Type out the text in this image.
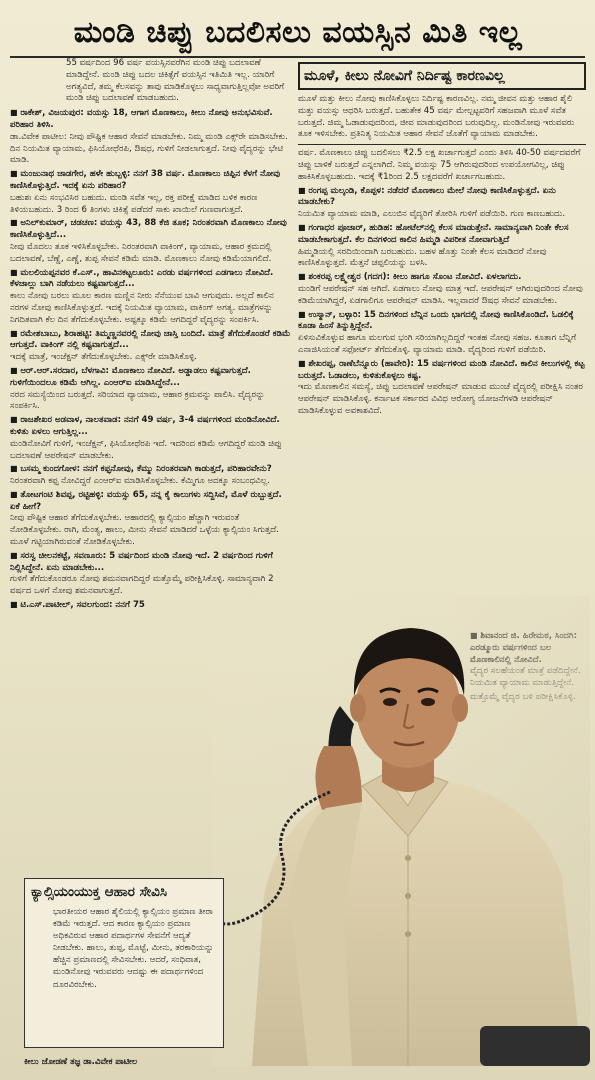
ಮಂಡಿ ಚಿಪ್ಪು ಬದಲಿಸಲು ವಯಸ್ಸಿನ ಮಿತಿ ಇಲ್ಲ

55 ವರ್ಷದಿಂದ 96 ವರ್ಷ ವಯಸ್ಸಿನವರೆಗಿನ ಮಂಡಿ ಚಿಪ್ಪು ಬದಲಾವಣೆ ಮಾಡಿದ್ದೇನೆ. ಮಂಡಿ ಚಿಪ್ಪು ಬದಲ ಚಿಕಿತ್ಸೆಗೆ ವಯಸ್ಸಿನ ಇತಿಮಿತಿ ಇಲ್ಲ. ಯಾರಿಗೆ ಅಗತ್ಯವಿದೆ, ತಮ್ಮ ಕೆಲಸವನ್ನು ತಾವು ಮಾಡಿಕೊಳ್ಳಲು ಸಾಧ್ಯವಾಗುತ್ತಿಲ್ಲವೋ ಅವರಿಗೆ ಮಂಡಿ ಚಿಪ್ಪು ಬದಲಾವಣೆ ಮಾಡಬಹುದು.

■ ರಾಕೇಶ್, ವಿಜಯಪುರ: ವಯಸ್ಸು 18, ಆಗಾಗ ಮೊಣಕಾಲು, ಕೀಲು ನೋವು ಅನುಭವಿಸುವೆ. ಪರಿಹಾರ ತಿಳಿಸಿ.
ಡಾ.ವಿವೇಕ ಪಾಟೀಲ: ನೀವು ಪೌಷ್ಟಿಕ ಆಹಾರ ಸೇವನೆ ಮಾಡಬೇಕು. ನಿಮ್ಮ ಮಂಡಿ ಎಕ್ಸ್‌ರೇ ಮಾಡಿಸಬೇಕು. ದಿನ ನಿಯಮಿತ ವ್ಯಾಯಾಮ, ಫಿಸಿಯೋಥೆರಪಿ, ಔಷಧ, ಗುಳಿಗೆ ನೀಡಲಾಗುತ್ತದೆ. ನೀವು ವೈದ್ಯರನ್ನು ಭೇಟಿ ಮಾಡಿ.
■ ಮಂಜುನಾಥ ಜಾಡಗೇರ, ಹಳೇ ಹುಬ್ಬಳ್ಳಿ: ನನಗೆ 38 ವರ್ಷ. ಮೊಣಕಾಲು ಚಿಪ್ಪಿನ ಕೆಳಗೆ ನೋವು ಕಾಣಿಸಿಕೊಳ್ಳುತ್ತಿದೆ. ಇದಕ್ಕೆ ಏನು ಪರಿಹಾರ?
ಬಹುಶಃ ಏನು ಸಂಭವಿಸಿರ ಬಹುದು. ಮಂಡಿ ಸವೆತ ಇಲ್ಲ, ರಕ್ತ ಪರೀಕ್ಷೆ ಮಾಡಿದ ಬಳಿಕ ಕಾರಣ ತಿಳಿಯಬಹುದು. 3 ರಿಂದ 6 ತಿಂಗಳು ಚಿಕಿತ್ಸೆ ಪಡೆದರೆ ಸಾಕು ಖಾಯಿಲೆ ಗುಣವಾಗುತ್ತದೆ.
■ ಅನಿಲ್‌ಕುಮಾರ್, ಚಡಚಣ: ವಯಸ್ಸು 43, 88 ಕೆಜಿ ತೂಕ; ನಿರಂತರವಾಗಿ ಮೊಣಕಾಲು ನೋವು ಕಾಣಿಸಿಕೊಳ್ಳುತ್ತಿದೆ...
ನೀವು ಮೊದಲು ತೂಕ ಇಳಿಸಿಕೊಳ್ಳಬೇಕು. ನಿರಂತರವಾಗಿ ವಾಕಿಂಗ್, ವ್ಯಾಯಾಮ, ಆಹಾರ ಕ್ರಮದಲ್ಲಿ ಬದಲಾವಣೆ, ಬೆಣ್ಣೆ, ಎಣ್ಣೆ, ತುಪ್ಪ ಸೇವನೆ ಕಡಿಮೆ ಮಾಡಿ. ಮೊಣಕಾಲು ನೋವು ಕಡಿಮೆಯಾಗಲಿದೆ.
■ ಮಲಲಿಯಪ್ಪನವರ ಕೆ.ಎಸ್., ಹಾವಿನಕಟ್ಟಲೂರು: ಎರಡು ವರ್ಷಗಳಿಂದ ಎಡಗಾಲು ನೋವಿದೆ. ಕೆಳಜಾಲ್ಲು ಬಾಗಿ ನಡೆಯಲು ಕಷ್ಟವಾಗುತ್ತದೆ...
ಕಾಲು ನೋವು ಬರಲು ಮೂಲ ಕಾರಣ ಮಣ್ಣಿನ ನೀರು ನೆನೆಯುವ ಬಾವಿ ಆಗುವುದು. ಅಲ್ಲದೆ ಕಾಲಿನ ನರಗಳ ನೋವು ಕಾಣಿಸಿಕೊಳ್ಳುತ್ತದೆ. ಇದಕ್ಕೆ ನಿಯಮಿತ ವ್ಯಾಯಾಮ, ವಾಕಿಂಗ್ ಅಗತ್ಯ. ಮಾತ್ರೆಗಳನ್ನು ನಿಗದಿತವಾಗಿ ಕೆಲ ದಿನ ತೆಗೆದುಕೊಳ್ಳಬೇಕು. ಅಷ್ಟಕ್ಕೂ ಕಡಿಮೆ ಆಗದಿದ್ದರೆ ವೈದ್ಯರನ್ನು ಸಂಪರ್ಕಿಸಿ.
■ ರಮೇಶಬಾಬು, ಶಿರಾಹಟ್ಟಿ: ತಿಮ್ಮಣ್ಣನವರಲ್ಲಿ ನೋವು ಜಾಸ್ತಿ ಬಂದಿದೆ. ಮಾತ್ರೆ ತೆಗೆದುಕೊಂಡರೆ ಕಡಿಮೆ ಆಗುತ್ತದೆ. ವಾಕಿಂಗ್ ನಲ್ಲಿ ಕಷ್ಟವಾಗುತ್ತದೆ...
ಇದಕ್ಕೆ ಮಾತ್ರೆ, ಇಂಜೆಕ್ಷನ್ ತೆಗೆದುಕೊಳ್ಳಬೇಕು. ಎಕ್ಸ್‌ರೇ ಮಾಡಿಸಿಕೊಳ್ಳಿ.
■ ಆರ್.ಆರ್.ಸರದಾರ, ಬೆಳಗಾವಿ: ಮೊಣಕಾಲು ನೋವಿದೆ. ಅಡ್ಡಾಡಲು ಕಷ್ಟವಾಗುತ್ತದೆ. ಗುಳಿಗೆಯಿಂದಲೂ ಕಡಿಮೆ ಆಗಿಲ್ಲ. ಎಂಆರ್‌ಐ ಮಾಡಿಸಿದ್ದೇನೆ...
ನರದ ಸಮಸ್ಯೆಯಿಂದ ಬರುತ್ತದೆ. ಸರಿಯಾದ ವ್ಯಾಯಾಮ, ಆಹಾರ ಕ್ರಮವನ್ನು ಪಾಲಿಸಿ. ವೈದ್ಯರನ್ನು ಸಂಪರ್ಕಿಸಿ.
■ ರಾಜಶೇಖರ ಅಡವಾಳ, ನಾಲತವಾಡ: ನನಗೆ 49 ವರ್ಷ, 3-4 ವರ್ಷಗಳಿಂದ ಮಂಡಿನೋವಿದೆ. ಕುಳಿತು ಏಳಲು ಆಗುತ್ತಿಲ್ಲ...
ಮಂಡಿನೋವಿಗೆ ಗುಳಿಗೆ, ಇಂಜೆಕ್ಷನ್, ಫಿಸಿಯೋಥೆರಪಿ ಇದೆ. ಇದರಿಂದ ಕಡಿಮೆ ಆಗದಿದ್ದರೆ ಮಂಡಿ ಚಿಪ್ಪು ಬದಲಾವಣೆ ಆಪರೇಷನ್ ಮಾಡಬೇಕು.
■ ಬಸಮ್ಮ ಕುಂದಗೋಳ: ನನಗೆ ಕಫ್ಫನೋವು, ಕೆಮ್ಮು ನಿರಂತರವಾಗಿ ಕಾಡುತ್ತದೆ, ಪರಿಹಾರವೇನು?
ನಿರಂತರವಾಗಿ ಕಫ್ಫ ನೋವಿದ್ದರೆ ಎಂಆರ್‌ಐ ಮಾಡಿಸಿಕೊಳ್ಳಬೇಕು. ಕೆಮ್ಮಿಗೂ ಅದಕ್ಕೂ ಸಂಬಂಧವಿಲ್ಲ.
■ ತೋಟಗಂಟಿ ಶಿವಪ್ಪ, ರಟ್ಟಿಹಳ್ಳಿ: ವಯಸ್ಸು 65, ನನ್ನ ಕೈ ಕಾಲುಗಳು ಸದ್ದಿಸಿವೆ, ಮೊಳೆ ರುಬ್ಬುತ್ತದೆ. ಏಕೆ ಹೀಗೆ?
ನೀವು ಪೌಷ್ಟಿಕ ಆಹಾರ ತೆಗೆದುಕೊಳ್ಳಬೇಕು. ಆಹಾರದಲ್ಲಿ ಕ್ಯಾಲ್ಸಿಯಂ ಹೆಚ್ಚಾಗಿ ಇರುವಂತೆ ನೋಡಿಕೊಳ್ಳಬೇಕು. ರಾಗಿ, ಮೆಂತ್ಯ, ಹಾಲು, ಮೀನು ಸೇವನೆ ಮಾಡಿದರೆ ಒಳ್ಳೆಯ ಕ್ಯಾಲ್ಸಿಯಂ ಸಿಗುತ್ತದೆ. ಮೂಳೆ ಗಟ್ಟಿಯಾಗಿರುವಂತೆ ನೋಡಿಕೊಳ್ಳಬೇಕು.
■ ಸರಸ್ವ ಚೀಲನಕಟ್ಟೆ, ಸವಣೂರು: 5 ವರ್ಷದಿಂದ ಮಂಡಿ ನೋವು ಇದೆ. 2 ವರ್ಷದಿಂದ ಗುಳಿಗೆ ನಿಲ್ಲಿಸಿದ್ದೇನೆ. ಏನು ಮಾಡಬೇಕು...
ಗುಳಿಗೆ ತೆಗೆದುಕೊಂಡರೂ ನೋವು ಶಮನವಾಗದಿದ್ದರೆ ಮತ್ತೊಮ್ಮೆ ಪರೀಕ್ಷಿಸಿಕೊಳ್ಳಿ. ಸಾಮಾನ್ಯವಾಗಿ 2 ವರ್ಷದ ಒಳಗೆ ನೋವು ಶಮನವಾಗುತ್ತದೆ.
■ ಟಿ.ಎಸ್.ಪಾಟೀಲ್, ಸವಲಗುಂದ: ನನಗೆ 75
ಮೂಳೆ, ಕೀಲು ನೋವಿಗೆ ನಿರ್ದಿಷ್ಟ ಕಾರಣವಿಲ್ಲ

ಮೂಳೆ ಮತ್ತು ಕೀಲು ನೋವು ಕಾಣಿಸಿಕೊಳ್ಳಲು ನಿರ್ದಿಷ್ಟ ಕಾರಣವಿಲ್ಲ. ನಮ್ಮ ಜೀವನ ಮತ್ತು ಆಹಾರ ಶೈಲಿ ಮತ್ತು ವಯಸ್ಸು ಆಧರಿಸಿ ಬರುತ್ತದೆ. ಬಹುತೇಕ 45 ವರ್ಷ ಮೇಲ್ಪಟ್ಟವರಿಗೆ ಸಹಜವಾಗಿ ಮೂಳೆ ಸವೆತ ಬರುತ್ತದೆ. ಜಿಮ್ಮ ಓಡಾಡುವುದರಿಂದ, ಜೀವ ಮಾಡುವುದರಿಂದ ಬರುವುದಿಲ್ಲ. ಮಂಡಿನೋವು ಇರುವವರು ತೂಕ ಇಳಿಸಬೇಕು. ಪ್ರತಿನಿತ್ಯ ನಿಯಮಿತ ಆಹಾರ ಸೇವನೆ ಜೊತೆಗೆ ವ್ಯಾಯಾಮ ಮಾಡಬೇಕು.

ವರ್ಷ. ಮೊಣಕಾಲು ಚಿಪ್ಪು ಬದಲಿಸಲು ₹2.5 ಲಕ್ಷ ಖರ್ಚಾಗುತ್ತದೆ ಎಂದು ತಿಳಿಸಿ 40-50 ವರ್ಷದವರೆಗೆ ಚಿಪ್ಪು ಬಾಳಿಕೆ ಬರುತ್ತದೆ ಎನ್ನಲಾಗಿದೆ. ನಿಮ್ಮ ವಯಸ್ಸು 75 ಆಗಿರುವುದರಿಂದ ಉಪಯೋಗವಿಲ್ಲ, ಚಿಪ್ಪು ಹಾಕಿಸಿಕೊಳ್ಳಬಹುದು. ಇದಕ್ಕೆ ₹1ರಿಂದ 2.5 ಲಕ್ಷದವರೆಗೆ ಖರ್ಚಾಗಬಹುದು.

■ ರಂಗಪ್ಪ ಮಲ್ಕಂಡಿ, ಕೊಪ್ಪಳ: ನಡೆದರೆ ಮೊಣಕಾಲು ಮೇಲೆ ನೋವು ಕಾಣಿಸಿಕೊಳ್ಳುತ್ತದೆ. ಏನು ಮಾಡಬೇಕು?
ನಿಯಮಿತ ವ್ಯಾಯಾಮ ಮಾಡಿ, ಎಲುಬಿನ ವೈದ್ಯರಿಗೆ ತೋರಿಸಿ ಗುಳಿಗೆ ಪಡೆಯಿರಿ. ಗುಣ ಕಾಣಬಹುದು.
■ ಗಂಗಾಧರ ಪೂಜಾರ್, ಹುಡಿಹ: ಹೋಟೆಲ್‌ನಲ್ಲಿ ಕೆಲಸ ಮಾಡುತ್ತೇನೆ. ಸಾಮಾನ್ಯವಾಗಿ ನಿಂತೇ ಕೆಲಸ ಮಾಡಬೇಕಾಗುತ್ತದೆ. ಕೆಲ ದಿನಗಳಿಂದ ಕಾಲಿನ ಹಿಮ್ಮಡಿ ವಿಪರೀತ ನೋವಾಗುತ್ತಿದೆ
ಹಿಮ್ಮಡಿಯಲ್ಲಿ ಸರದಿಯಿಂದಾಗಿ ಬರಬಹುದು. ಬಹಳ ಹೊತ್ತು ನಿಂತೇ ಕೆಲಸ ಮಾಡಿದರೆ ನೋವು ಕಾಣಿಸಿಕೊಳ್ಳುತ್ತದೆ. ಮೆತ್ತನೆ ಚಪ್ಪಲಿಯನ್ನು ಬಳಸಿ.
■ ಶಂಕರಪ್ಪ ಲಕ್ಷ್ಮೇಶ್ವರ (ಗದಗ): ಕೀಲು ಹಾಗೂ ಸೊಂಟ ನೋವಿದೆ. ಏಳಲಾಗದು.
ಮಂಡಿಗೆ ಆಪರೇಷನ್ ಸಹ ಆಗಿದೆ. ಏಡಗಾಲು ನೋವು ಮಾತ್ರ ಇದೆ. ಆಪರೇಷನ್ ಆಗಿರುವುದರಿಂದ ನೋವು ಕಡಿಮೆಯಾಗಿದ್ದರೆ, ಏಡಗಾಲಿಗೂ ಆಪರೇಷನ್ ಮಾಡಿಸಿ. ಇಲ್ಲವಾದರೆ ಔಷಧ ಸೇವನೆ ಮಾಡಬೇಕು.
■ ಉಸ್ಮಾನ್, ಬಳ್ಳಾರಿ: 15 ದಿನಗಳಿಂದ ಬೆನ್ನಿನ ಒಂದು ಭಾಗದಲ್ಲಿ ನೋವು ಕಾಣಿಸಿಕೊಂಡಿದೆ. ಓಡಲಿಕ್ಕೆ ಕೂಡಾ ಹಿಂಸೆ ತಿನ್ನುತ್ತಿದ್ದೇನೆ.
ಏಳಿಸುವಿಕೊಳ್ಳುವ ಹಾಗೂ ಮಲಗುವ ಭಂಗಿ ಸರಿಯಾಗಿಲ್ಲದಿದ್ದರೆ ಇಂತಹ ನೋವು ಸಹಜ. ಕೂತಾಗ ಬೆನ್ನಿಗೆ ಎನಾಜಿಸಿಯಂತೆ ಸಫೋರ್ಟ್ ತೆಗೆದುಕೊಳ್ಳಿ. ವ್ಯಾಯಾಮ ಮಾಡಿ. ವೈದ್ಯರಿಂದ ಗುಳಿಗೆ ಪಡೆಯಿರಿ.
■ ಶೇಖರಪ್ಪ, ರಾಣೆಬೆನ್ನೂರು (ಹಾವೇರಿ): 15 ವರ್ಷಗಳಿಂದ ಮಂಡಿ ನೋವಿದೆ. ಕಾಲಿನ ಕೀಲುಗಳಲ್ಲಿ ಕಟ್ಟ ಬರುತ್ತದೆ. ಓಡಾಡಲು, ಕುಳಿತುಕೊಳ್ಳಲು ಕಷ್ಟ.
ಇದು ಮೊಣಕಾಲಿನ ಸಮಸ್ಯೆ, ಚಿಪ್ಪು ಬದಲಾವಣೆ ಆಪರೇಷನ್ ಮಾಡುವ ಮುಂಚೆ ವೈದ್ಯರಲ್ಲಿ ಪರೀಕ್ಷಿಸಿ ನಂತರ ಆಪರೇಷನ್ ಮಾಡಿಸಿಕೊಳ್ಳಿ. ಕರ್ನಾಟಕ ಸರ್ಕಾರದ ವಿವಿಧ ಆರೋಗ್ಯ ಯೋಜನೆಗಳಡಿ ಆಪರೇಷನ್ ಮಾಡಿಸಿಕೊಳ್ಳುವ ಅವಕಾಶವಿದೆ.
■
ಕ್ಯಾಲ್ಸಿಯಂಯುಕ್ತ ಆಹಾರ ಸೇವಿಸಿ
ಭಾರತೀಯರ ಆಹಾರ ಶೈಲಿಯಲ್ಲಿ ಕ್ಯಾಲ್ಸಿಯಂ ಪ್ರಮಾಣ ತೀರಾ ಕಡಿಮೆ ಇರುತ್ತದೆ. ಆದ ಕಾರಣ ಕ್ಯಾಲ್ಸಿಯಂ ಪ್ರಮಾಣ ಅಧಿಕವಿರುವ ಆಹಾರ ಪದಾರ್ಥಗಳ ಸೇವನೆಗೆ ಆದ್ಯತೆ ನೀಡಬೇಕು. ಹಾಲು, ತುಪ್ಪ, ಮೊಟ್ಟೆ, ಮೀನು, ತರಕಾರಿಯನ್ನು ಹೆಚ್ಚಿನ ಪ್ರಮಾಣದಲ್ಲಿ ಸೇವಿಸಬೇಕು. ಆದರೆ, ಸಂಧಿವಾತ, ಮಂಡಿನೋವು ಇರುವವರು ಆದಷ್ಟು ಈ ಪದಾರ್ಥಗಳಿಂದ ದೂರವಿರಬೇಕು.
ಕೀಲು ಜೋಡಣೆ ತಜ್ಞ ಡಾ.ವಿವೇಕ ಪಾಟೀಲ
